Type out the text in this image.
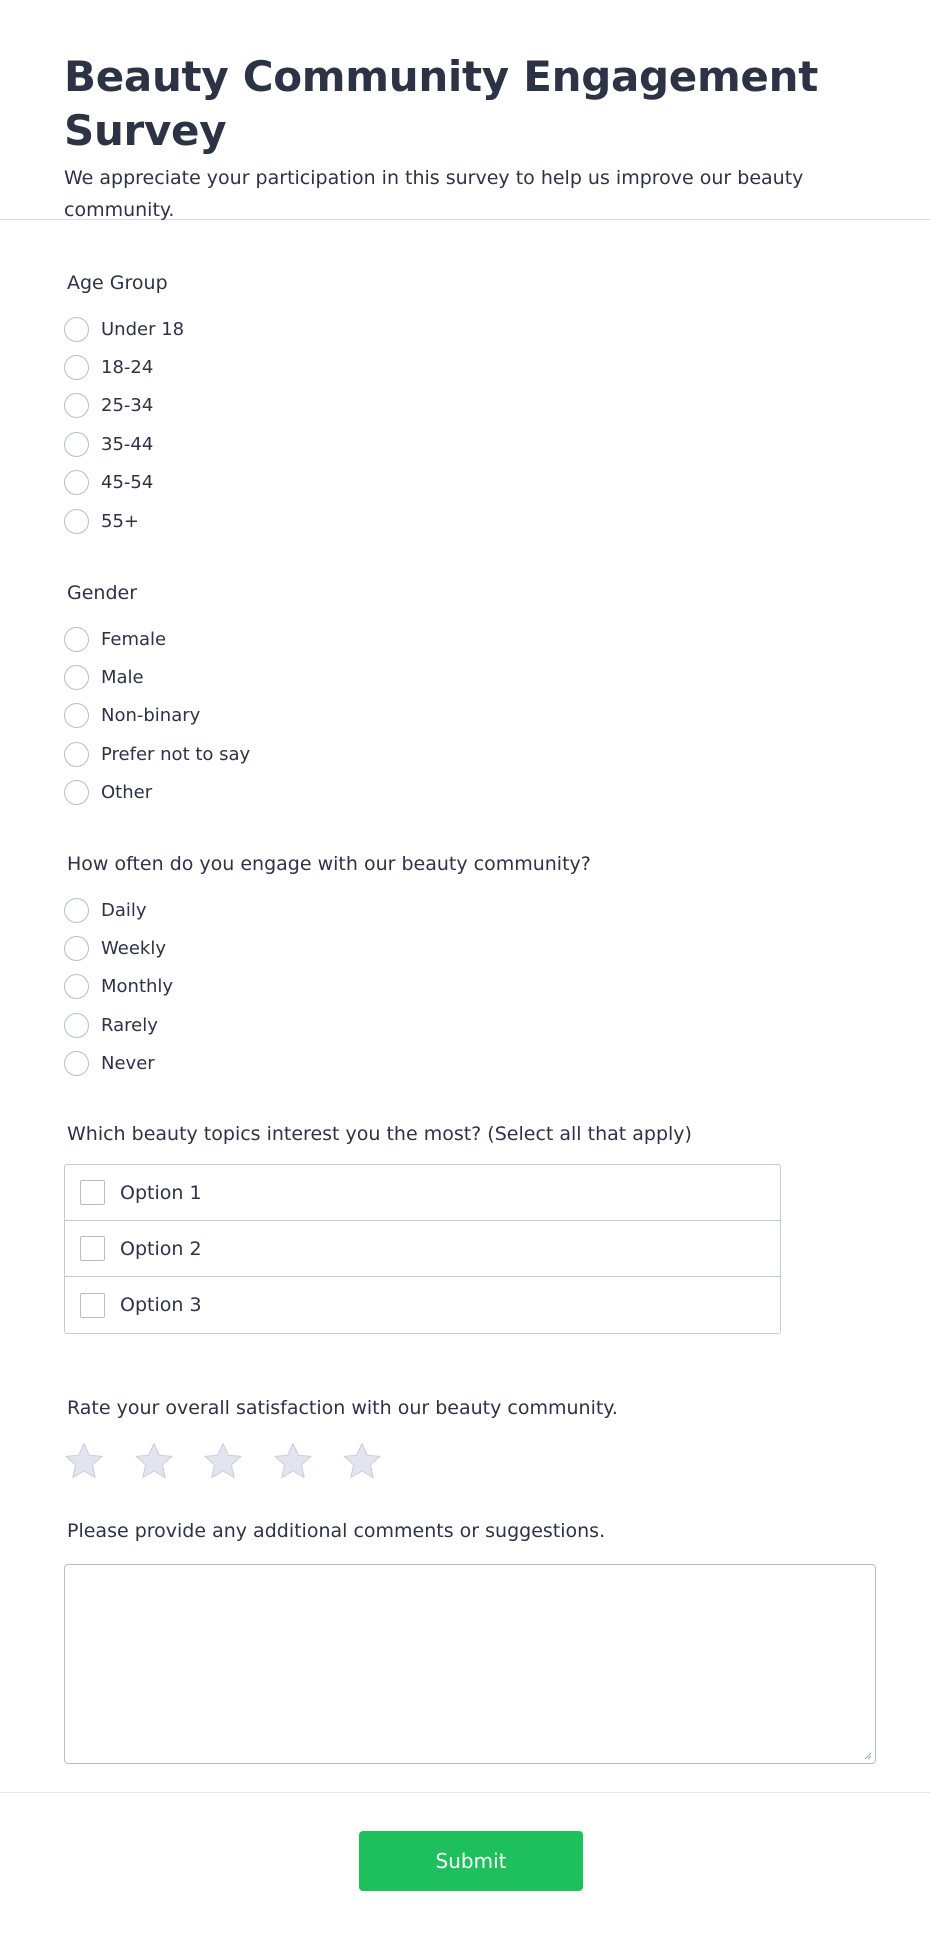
Beauty Community Engagement Survey

We appreciate your participation in this survey to help us improve our beauty community.

Age Group
Under 18
18-24
25-34
35-44
45-54
55+
Gender
Female
Male
Non-binary
Prefer not to say
Other
How often do you engage with our beauty community?
Daily
Weekly
Monthly
Rarely
Never
Which beauty topics interest you the most? (Select all that apply)
Option 1
Option 2
Option 3
Rate your overall satisfaction with our beauty community.
Please provide any additional comments or suggestions.
Submit
